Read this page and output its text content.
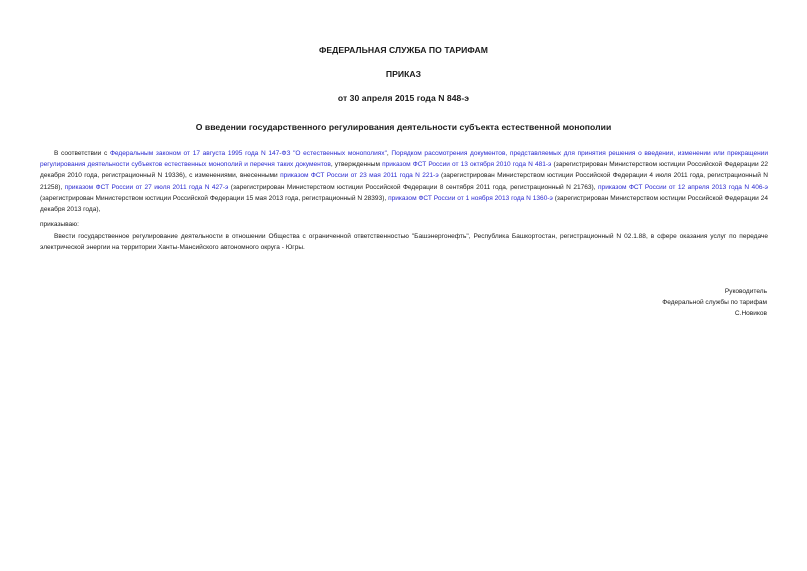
ФЕДЕРАЛЬНАЯ СЛУЖБА ПО ТАРИФАМ
ПРИКАЗ
от 30 апреля 2015 года N 848-э
О введении государственного регулирования деятельности субъекта естественной монополии
В соответствии с Федеральным законом от 17 августа 1995 года N 147-ФЗ "О естественных монополиях", Порядком рассмотрения документов, представляемых для принятия решения о введении, изменении или прекращении регулирования деятельности субъектов естественных монополий и перечня таких документов, утвержденным приказом ФСТ России от 13 октября 2010 года N 481-э (зарегистрирован Министерством юстиции Российской Федерации 22 декабря 2010 года, регистрационный N 19336), с изменениями, внесенными приказом ФСТ России от 23 мая 2011 года N 221-э (зарегистрирован Министерством юстиции Российской Федерации 4 июля 2011 года, регистрационный N 21258), приказом ФСТ России от 27 июля 2011 года N 427-э (зарегистрирован Министерством юстиции Российской Федерации 8 сентября 2011 года, регистрационный N 21763), приказом ФСТ России от 12 апреля 2013 года N 406-э (зарегистрирован Министерством юстиции Российской Федерации 15 мая 2013 года, регистрационный N 28393), приказом ФСТ России от 1 ноября 2013 года N 1360-э (зарегистрирован Министерством юстиции Российской Федерации 24 декабря 2013 года),
приказываю:
Ввести государственное регулирование деятельности в отношении Общества с ограниченной ответственностью "Башэнергонефть", Республика Башкортостан, регистрационный N 02.1.88, в сфере оказания услуг по передаче электрической энергии на территории Ханты-Мансийского автономного округа - Югры.
Руководитель
Федеральной службы по тарифам
С.Новиков
